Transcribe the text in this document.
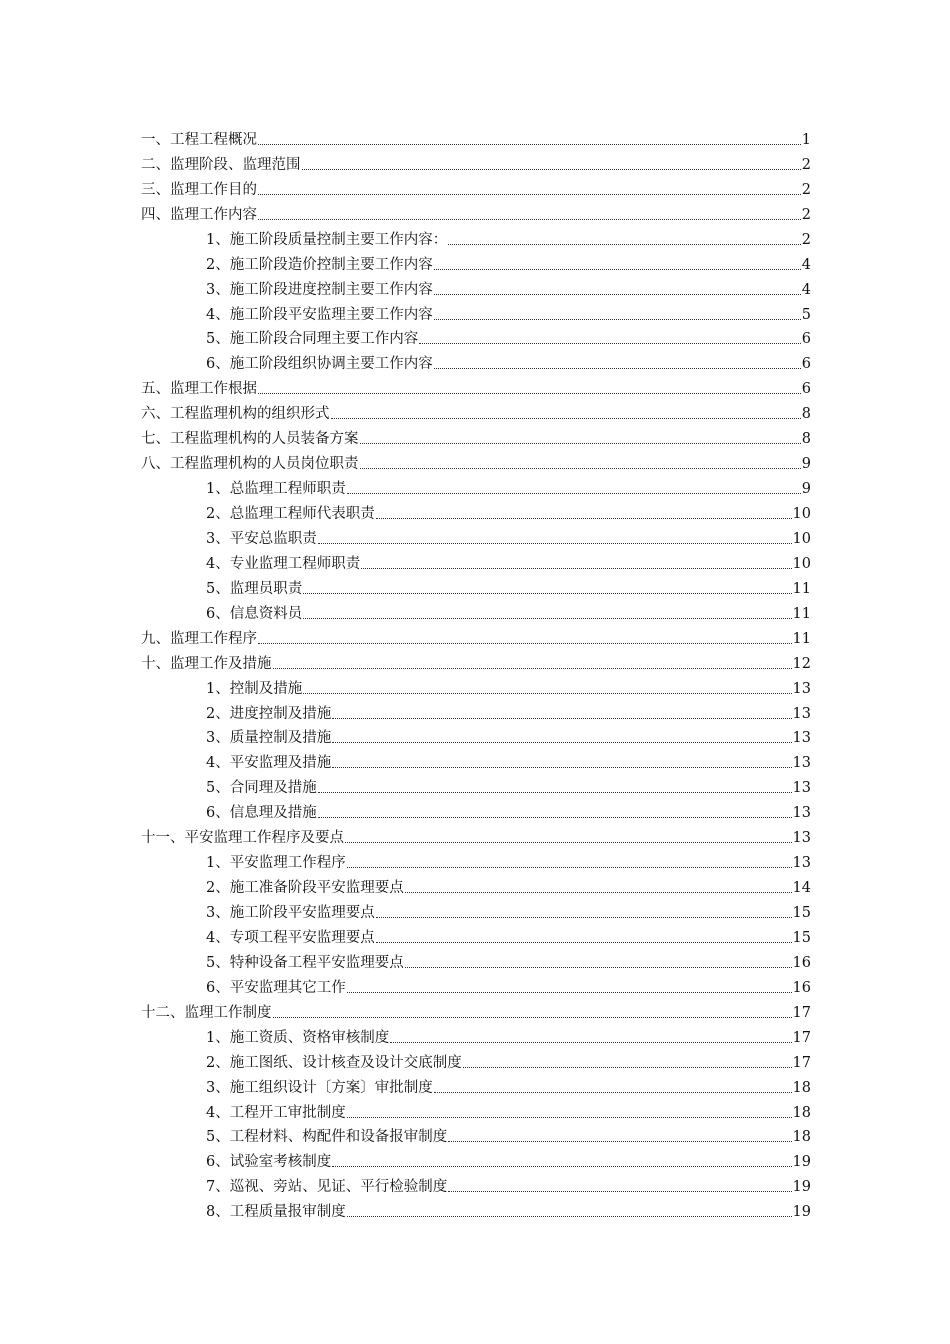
一、工程工程概况	1
二、监理阶段、监理范围	2
三、监理工作目的	2
四、监理工作内容	2
1、施工阶段质量控制主要工作内容：	2
2、施工阶段造价控制主要工作内容	4
3、施工阶段进度控制主要工作内容	4
4、施工阶段平安监理主要工作内容	5
5、施工阶段合同理主要工作内容	6
6、施工阶段组织协调主要工作内容	6
五、监理工作根据	6
六、工程监理机构的组织形式	8
七、工程监理机构的人员装备方案	8
八、工程监理机构的人员岗位职责	9
1、总监理工程师职责	9
2、总监理工程师代表职责	10
3、平安总监职责	10
4、专业监理工程师职责	10
5、监理员职责	11
6、信息资料员	11
九、监理工作程序	11
十、监理工作及措施	12
1、控制及措施	13
2、进度控制及措施	13
3、质量控制及措施	13
4、平安监理及措施	13
5、合同理及措施	13
6、信息理及措施	13
十一、平安监理工作程序及要点	13
1、平安监理工作程序	13
2、施工准备阶段平安监理要点	14
3、施工阶段平安监理要点	15
4、专项工程平安监理要点	15
5、特种设备工程平安监理要点	16
6、平安监理其它工作	16
十二、监理工作制度	17
1、施工资质、资格审核制度	17
2、施工图纸、设计核查及设计交底制度	17
3、施工组织设计〔方案〕审批制度	18
4、工程开工审批制度	18
5、工程材料、构配件和设备报审制度	18
6、试验室考核制度	19
7、巡视、旁站、见证、平行检验制度	19
8、工程质量报审制度	19
